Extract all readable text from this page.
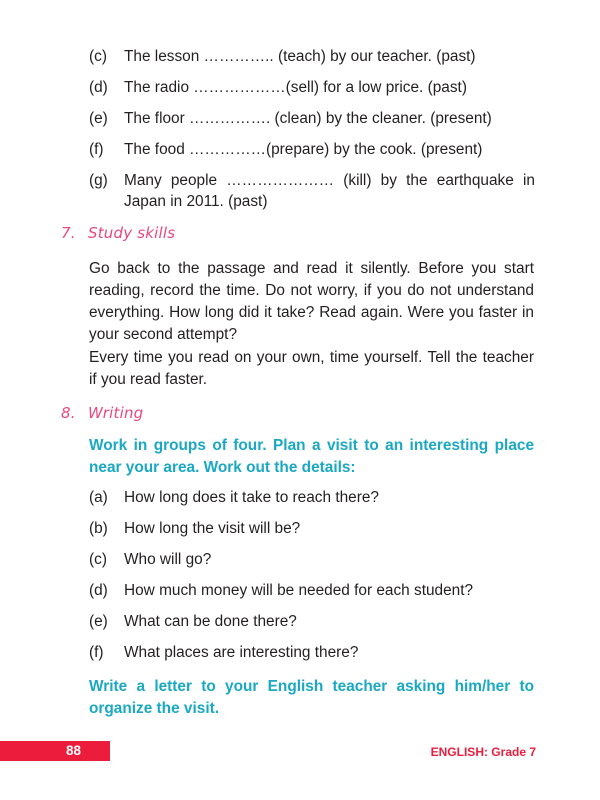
(c)	The lesson ………….. (teach) by our teacher. (past)
(d)	The radio ………………(sell) for a low price. (past)
(e)	The floor ……………. (clean) by the cleaner. (present)
(f)	The food ……………(prepare) by the cook. (present)
(g)	Many people ………………… (kill) by the earthquake in Japan in 2011. (past)
7. Study skills
Go back to the passage and read it silently. Before you start reading, record the time. Do not worry, if you do not understand everything. How long did it take? Read again. Were you faster in your second attempt?
Every time you read on your own, time yourself. Tell the teacher if you read faster.
8. Writing
Work in groups of four. Plan a visit to an interesting place near your area. Work out the details:
(a)	How long does it take to reach there?
(b)	How long the visit will be?
(c)	Who will go?
(d)	How much money will be needed for each student?
(e)	What can be done there?
(f)	What places are interesting there?
Write a letter to your English teacher asking him/her to organize the visit.
88	ENGLISH: Grade 7
